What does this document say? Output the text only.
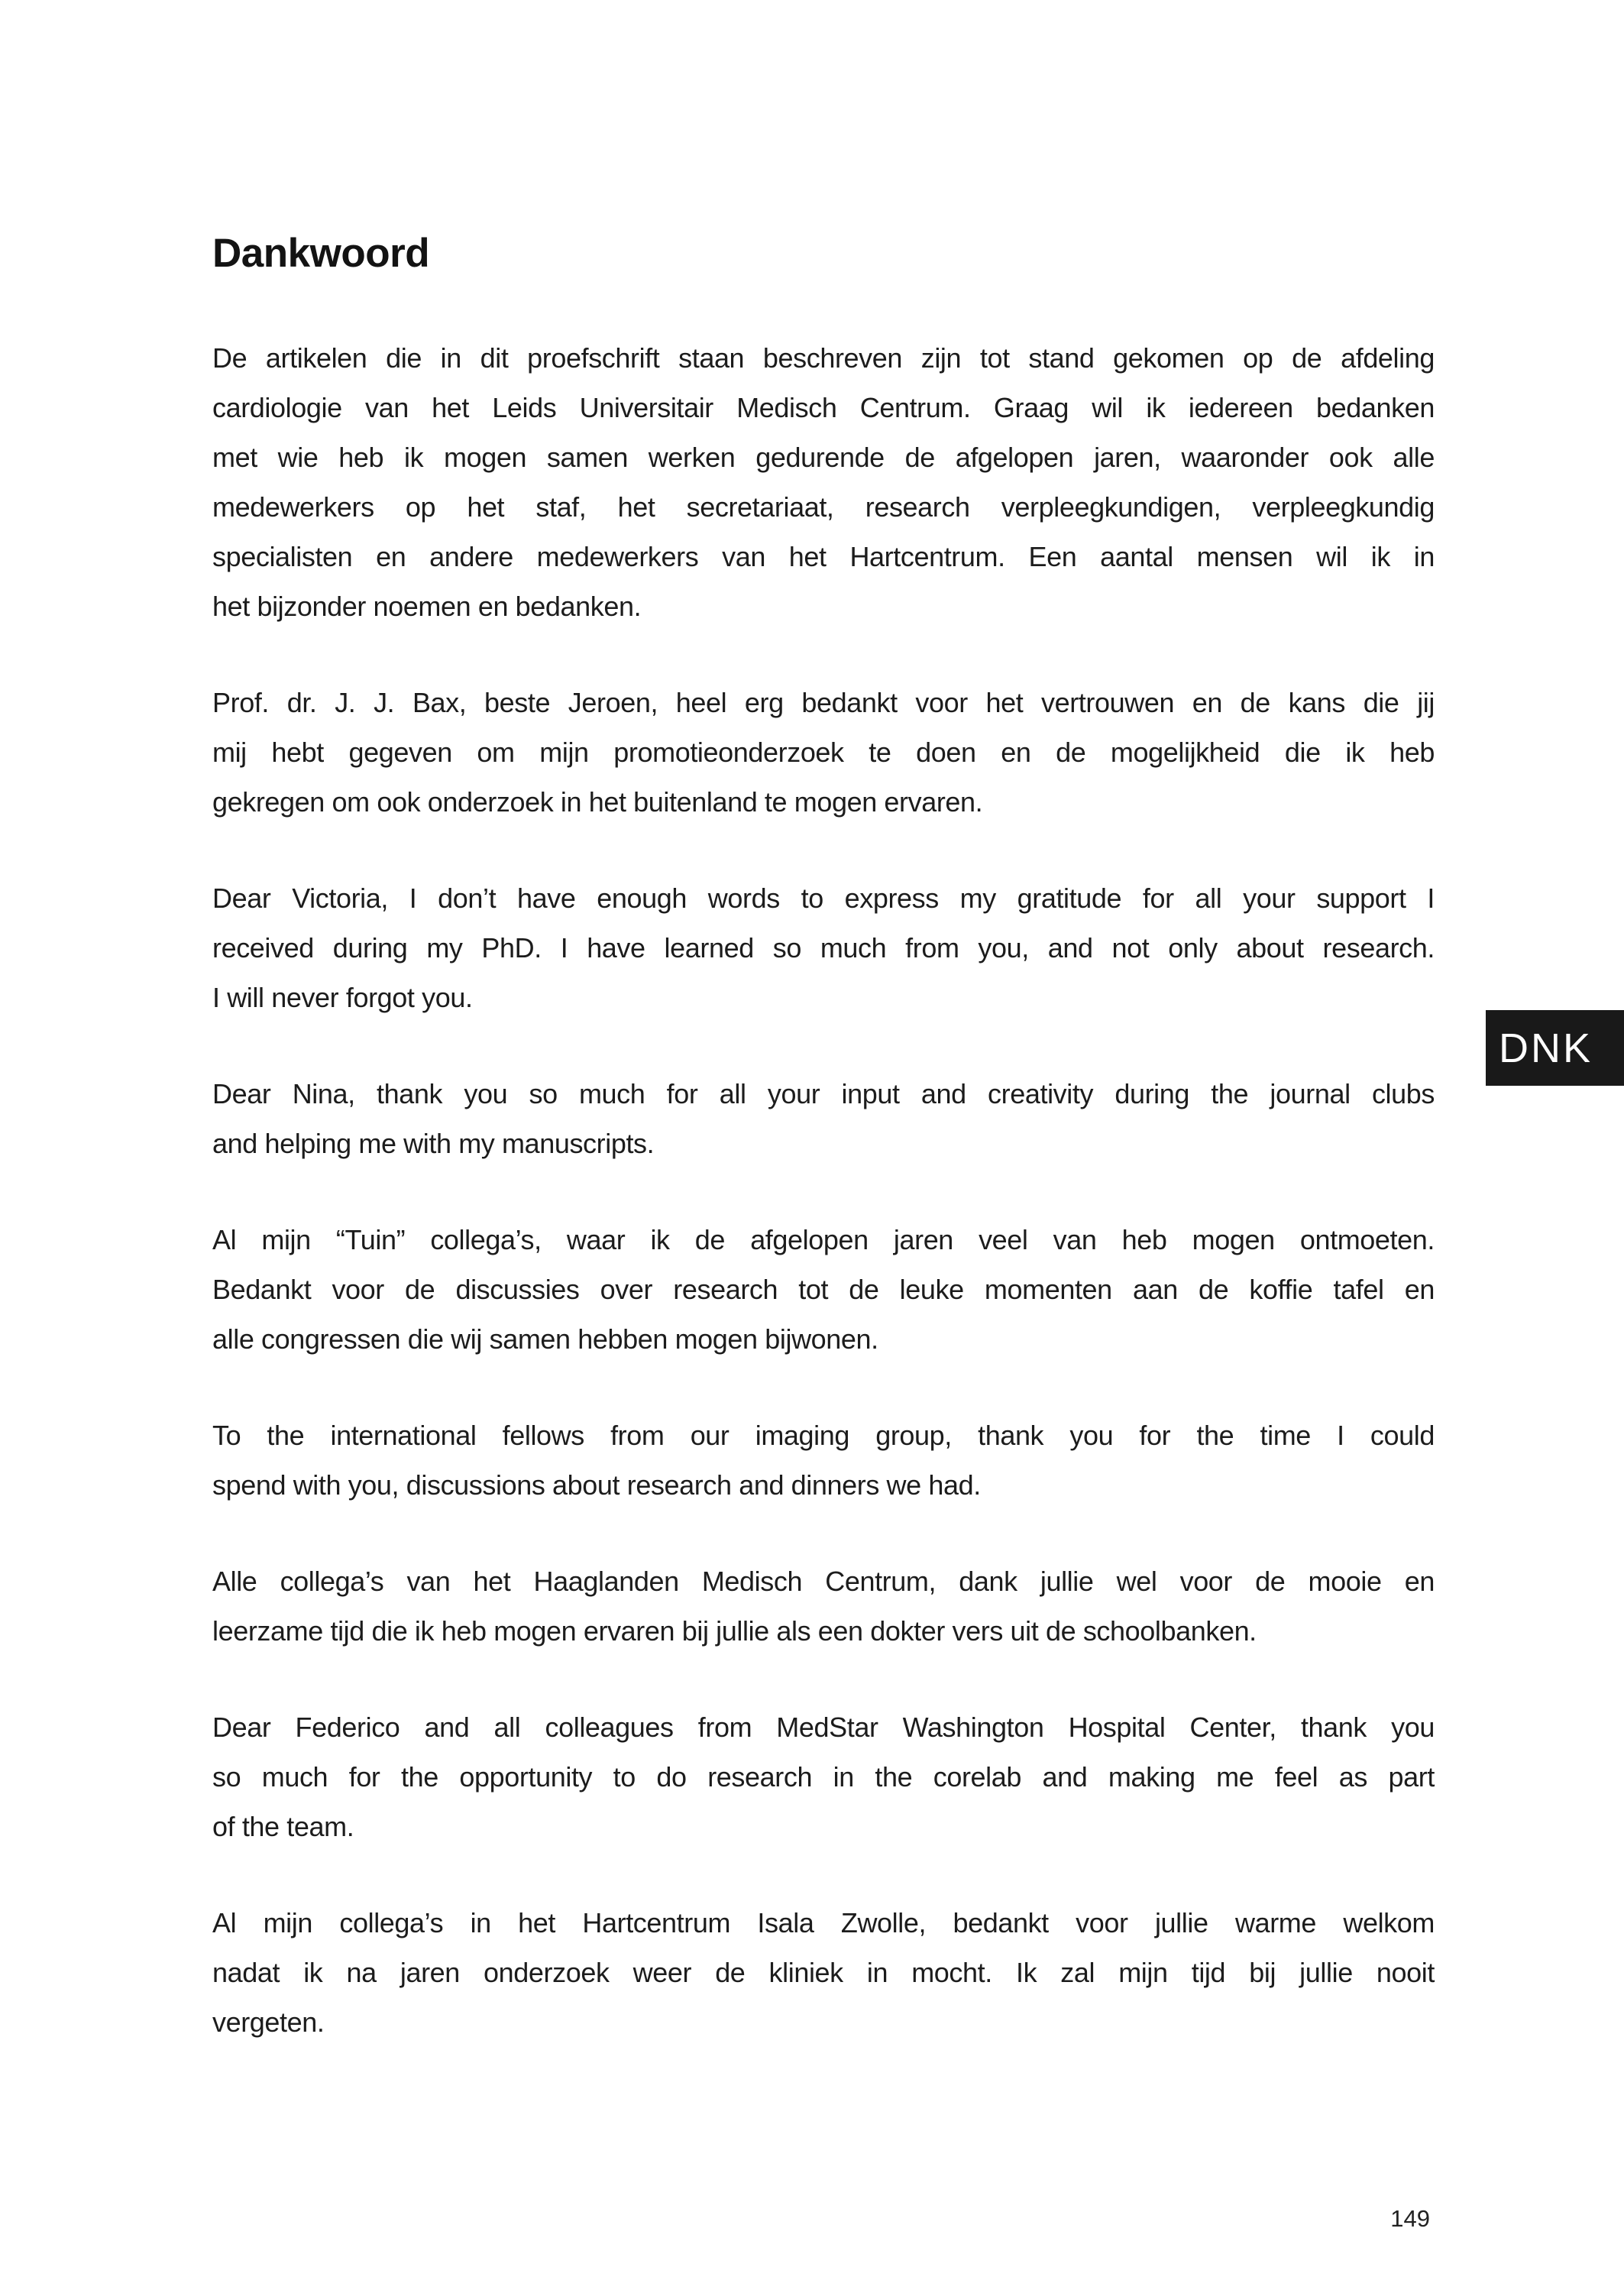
Dankwoord

De artikelen die in dit proefschrift staan beschreven zijn tot stand gekomen op de afdeling
cardiologie van het Leids Universitair Medisch Centrum. Graag wil ik iedereen bedanken
met wie heb ik mogen samen werken gedurende de afgelopen jaren, waaronder ook alle
medewerkers op het staf, het secretariaat, research verpleegkundigen, verpleegkundig
specialisten en andere medewerkers van het Hartcentrum. Een aantal mensen wil ik in
het bijzonder noemen en bedanken.

Prof. dr. J. J. Bax, beste Jeroen, heel erg bedankt voor het vertrouwen en de kans die jij
mij hebt gegeven om mijn promotieonderzoek te doen en de mogelijkheid die ik heb
gekregen om ook onderzoek in het buitenland te mogen ervaren.

Dear Victoria, I don’t have enough words to express my gratitude for all your support I
received during my PhD. I have learned so much from you, and not only about research.
I will never forgot you.

Dear Nina, thank you so much for all your input and creativity during the journal clubs
and helping me with my manuscripts.

Al mijn “Tuin” collega’s, waar ik de afgelopen jaren veel van heb mogen ontmoeten.
Bedankt voor de discussies over research tot de leuke momenten aan de koffie tafel en
alle congressen die wij samen hebben mogen bijwonen.

To the international fellows from our imaging group, thank you for the time I could
spend with you, discussions about research and dinners we had.

Alle collega’s van het Haaglanden Medisch Centrum, dank jullie wel voor de mooie en
leerzame tijd die ik heb mogen ervaren bij jullie als een dokter vers uit de schoolbanken.

Dear Federico and all colleagues from MedStar Washington Hospital Center, thank you
so much for the opportunity to do research in the corelab and making me feel as part
of the team.

Al mijn collega’s in het Hartcentrum Isala Zwolle, bedankt voor jullie warme welkom
nadat ik na jaren onderzoek weer de kliniek in mocht. Ik zal mijn tijd bij jullie nooit
vergeten.

DNK
149
